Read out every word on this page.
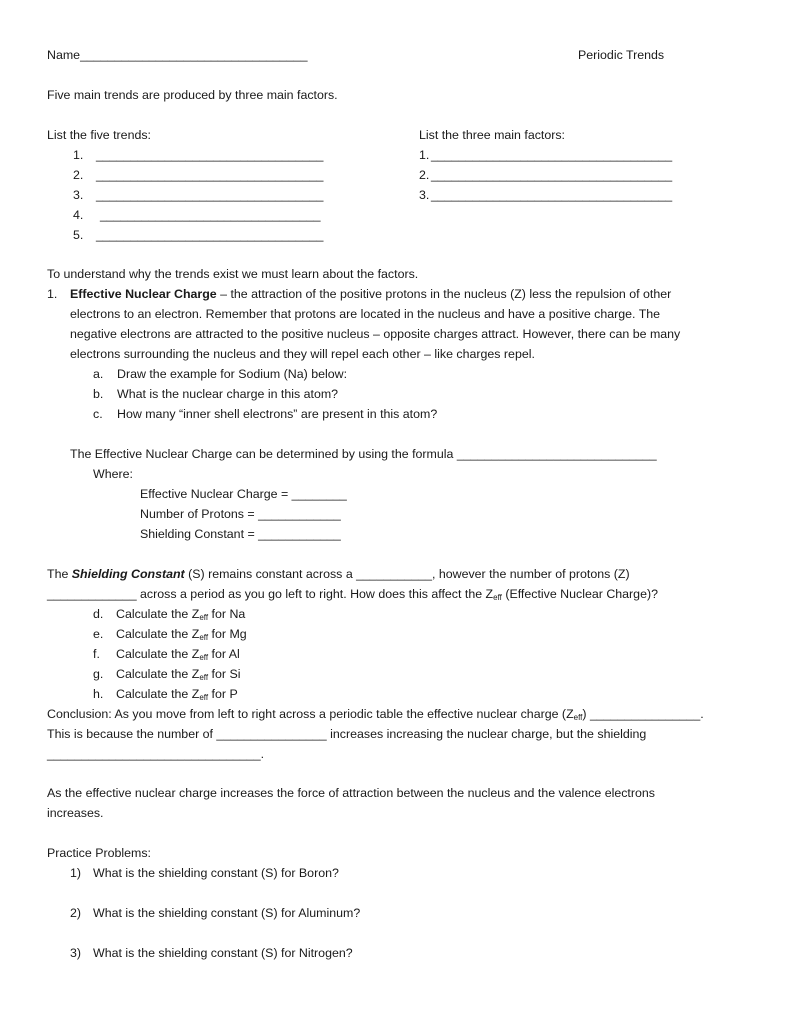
Name_________________________________	Periodic Trends
Five main trends are produced by three main factors.
List the five trends:
1. _________________________________
2. _________________________________
3. _________________________________
4. ________________________________
5. _________________________________
List the three main factors:
1. ___________________________________
2. ___________________________________
3. ___________________________________
To understand why the trends exist we must learn about the factors.
1. Effective Nuclear Charge – the attraction of the positive protons in the nucleus (Z) less the repulsion of other
electrons to an electron. Remember that protons are located in the nucleus and have a positive charge. The
negative electrons are attracted to the positive nucleus – opposite charges attract. However, there can be many
electrons surrounding the nucleus and they will repel each other – like charges repel.
a. Draw the example for Sodium (Na) below:
b. What is the nuclear charge in this atom?
c. How many “inner shell electrons” are present in this atom?
The Effective Nuclear Charge can be determined by using the formula _____________________________
Where:
Effective Nuclear Charge = ________
Number of Protons = ____________
Shielding Constant = ____________
The Shielding Constant (S) remains constant across a ___________, however the number of protons (Z)
_____________ across a period as you go left to right. How does this affect the $Z_{eff}$ (Effective Nuclear Charge)?
d. Calculate the $Z_{eff}$ for Na
e. Calculate the $Z_{eff}$ for Mg
f. Calculate the $Z_{eff}$ for Al
g. Calculate the $Z_{eff}$ for Si
h. Calculate the $Z_{eff}$ for P
Conclusion: As you move from left to right across a periodic table the effective nuclear charge $(Z_{eff})$ ________________.
This is because the number of ________________ increases increasing the nuclear charge, but the shielding
_______________________________.
As the effective nuclear charge increases the force of attraction between the nucleus and the valence electrons
increases.
Practice Problems:
1) What is the shielding constant (S) for Boron?
2) What is the shielding constant (S) for Aluminum?
3) What is the shielding constant (S) for Nitrogen?
